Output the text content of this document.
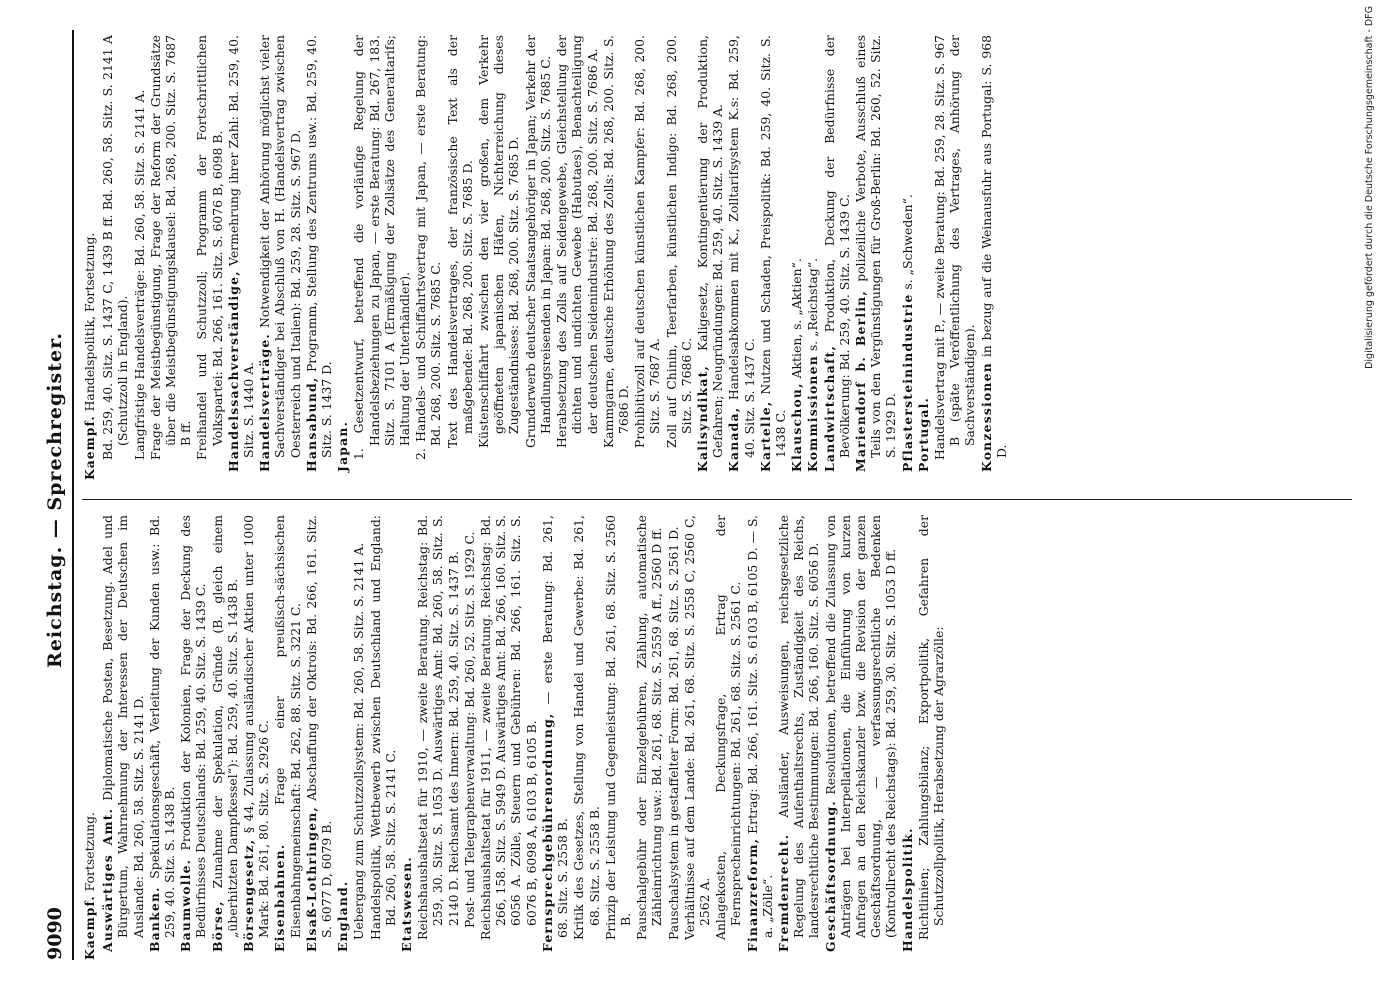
9090
Reichstag. — Sprechregister.
Kaempf. Fortsetzung. Auswärtiges Amt. Diplomatische Posten, Besetzung. Adel und Bürgertum, Wahrnehmung der Interessen der Deutschen im Auslande: Bd. 260, 58. Sitz. S. 2141 D. Banken. Spekulationsgeschäft, Verleitung der Kunden usw.: Bd. 259, 40. Sitz. S. 1438 B. Baumwolle. Produktion der Kolonien, Frage der Deckung des Bedürfnisses Deutschlands: Bd. 259, 40. Sitz. S. 1439 C. Börse, Zunahme der Spekulation, Gründe (B. gleich einem „überhitzten Dampfkessel“): Bd. 259, 40. Sitz. S. 1438 B. Börsengesetz, § 44, Zulassung ausländischer Aktien unter 1000 Mark: Bd. 261, 80. Sitz. S. 2926 C. Eisenbahnen. Frage einer preußisch-sächsischen Eisenbahngemeinschaft: Bd. 262, 88. Sitz. S. 3221 C. Elsaß-Lothringen, Abschaffung der Oktrois: Bd. 266, 161. Sitz. S. 6077 D, 6079 B. England. Uebergang zum Schutzzollsystem: Bd. 260, 58. Sitz. S. 2141 A. Handelspolitik, Wettbewerb zwischen Deutschland und England: Bd. 260, 58. Sitz. S. 2141 C. Etatswesen. Reichshaushaltsetat für 1910, — zweite Beratung. Reichstag: Bd. 259, 30. Sitz. S. 1053 D. Auswärtiges Amt: Bd. 260, 58. Sitz. S. 2140 D. Reichsamt des Innern: Bd. 259, 40. Sitz. S. 1437 B. Post- und Telegraphenverwaltung: Bd. 260, 52. Sitz. S. 1929 C. Reichshaushaltsetat für 1911, — zweite Beratung. Reichstag: Bd. 266, 158. Sitz. S. 5949 D. Auswärtiges Amt: Bd. 266, 160. Sitz. S. 6056 A. Zölle, Steuern und Gebühren: Bd. 266, 161. Sitz. S. 6076 B, 6098 A, 6103 B, 6105 B. Fernsprechgebührenordnung, — erste Beratung: Bd. 261, 68. Sitz. S. 2558 B. Kritik des Gesetzes, Stellung von Handel und Gewerbe: Bd. 261, 68. Sitz. S. 2558 B. Prinzip der Leistung und Gegenleistung: Bd. 261, 68. Sitz. S. 2560 B. Pauschalgebühr oder Einzelgebühren, Zählung, automatische Zähleinrichtung usw.: Bd. 261, 68. Sitz. S. 2559 A ff., 2560 D ff. Pauschalsystem in gestaffelter Form: Bd. 261, 68. Sitz. S. 2561 D. Verhältnisse auf dem Lande: Bd. 261, 68. Sitz. S. 2558 C, 2560 C, 2562 A. Anlagekosten, Deckungsfrage, Ertrag der Fernsprecheinrichtungen: Bd. 261, 68. Sitz. S. 2561 C. Finanzreform, Ertrag: Bd. 266, 161. Sitz. S. 6103 B, 6105 D. — S. a. „Zölle“. Fremdenrecht. Ausländer, Ausweisungen, reichsgesetzliche Regelung des Aufenthaltsrechts, Zuständigkeit des Reichs, landesrechtliche Bestimmungen: Bd. 266, 160. Sitz. S. 6056 D. Geschäftsordnung. Resolutionen, betreffend die Zulassung von Anträgen bei Interpellationen, die Einführung von kurzen Anfragen an den Reichskanzler bzw. die Revision der ganzen Geschäftsordnung, — verfassungsrechtliche Bedenken (Kontrollrecht des Reichstags): Bd. 259, 30. Sitz. S. 1053 D ff. Handelspolitik. Richtlinien; Zahlungsbilanz; Exportpolitik, Gefahren der Schutzzollpolitik, Herabsetzung der Agrarzölle:
Kaempf. Handelspolitik, Fortsetzung. Bd. 259, 40. Sitz. S. 1437 C, 1439 B ff. Bd. 260, 58. Sitz. S. 2141 A (Schutzzoll in England). Langfristige Handelsverträge: Bd. 260, 58. Sitz. S. 2141 A. Frage der Meistbegünstigung, Frage der Reform der Grundsätze über die Meistbegünstigungsklausel: Bd. 268, 200. Sitz. S. 7687 B ff. Freihandel und Schutzzoll; Programm der Fortschrittlichen Volkspartei: Bd. 266, 161. Sitz. S. 6076 B, 6098 B. Handelssachverständige, Vermehrung ihrer Zahl: Bd. 259, 40. Sitz. S. 1440 A. Handelsverträge. Notwendigkeit der Anhörung möglichst vieler Sachverständiger bei Abschluß von H. (Handelsvertrag zwischen Oesterreich und Italien): Bd. 259, 28. Sitz. S. 967 D. Hansabund, Programm, Stellung des Zentrums usw.: Bd. 259, 40. Sitz. S. 1437 D. Japan. 1. Gesetzentwurf, betreffend die vorläufige Regelung der Handelsbeziehungen zu Japan, — erste Beratung: Bd. 267, 183. Sitz. S. 7101 A (Ermäßigung der Zollsätze des Generaltarifs; Haltung der Unterhändler). 2. Handels- und Schiffahrtsvertrag mit Japan, — erste Beratung: Bd. 268, 200. Sitz. S. 7685 C. Text des Handelsvertrages, der französische Text als der maßgebende: Bd. 268, 200. Sitz. S. 7685 D. Küstenschiffahrt zwischen den vier großen, dem Verkehr geöffneten japanischen Häfen, Nichterreichung dieses Zugeständnisses: Bd. 268, 200. Sitz. S. 7685 D. Grunderwerb deutscher Staatsangehöriger in Japan; Verkehr der Handlungsreisenden in Japan: Bd. 268, 200. Sitz. S. 7685 C. Herabsetzung des Zolls auf Seidengewebe, Gleichstellung der dichten und undichten Gewebe (Habutaes), Benachteiligung der deutschen Seidenindustrie: Bd. 268, 200. Sitz. S. 7686 A. Kammgarne, deutsche Erhöhung des Zolls: Bd. 268, 200. Sitz. S. 7686 D. Prohibitivzoll auf deutschen künstlichen Kampfer: Bd. 268, 200. Sitz. S. 7687 A. Zoll auf Chinin, Teerfarben, künstlichen Indigo: Bd. 268, 200. Sitz. S. 7686 C. Kalisyndikat, Kaligesetz, Kontingentierung der Produktion, Gefahren; Neugründungen: Bd. 259, 40. Sitz. S. 1439 A. Kanada, Handelsabkommen mit K., Zolltarifsystem K.s: Bd. 259, 40. Sitz. S. 1437 C. Kartelle, Nutzen und Schaden, Preispolitik: Bd. 259, 40. Sitz. S. 1438 C. Klauschou, Aktien, s. „Aktien“.
Kommissionen s. „Reichstag“.
Landwirtschaft, Produktion, Deckung der Bedürfnisse der Bevölkerung: Bd. 259, 40. Sitz. S. 1439 C. Mariendorf b. Berlin, polizeiliche Verbote, Ausschluß eines Teils von den Vergünstigungen für Groß-Berlin: Bd. 260, 52. Sitz. S. 1929 D. Pflastersteinindustrie s. „Schweden“.
Portugal. Handelsvertrag mit P., — zweite Beratung: Bd. 259, 28. Sitz. S. 967 B (späte Veröffentlichung des Vertrages, Anhörung der Sachverständigen). Konzessionen in bezug auf die Weinausfuhr aus Portugal: S. 968 D.
Digitalisierung gefördert durch die Deutsche Forschungsgemeinschaft - DFG
